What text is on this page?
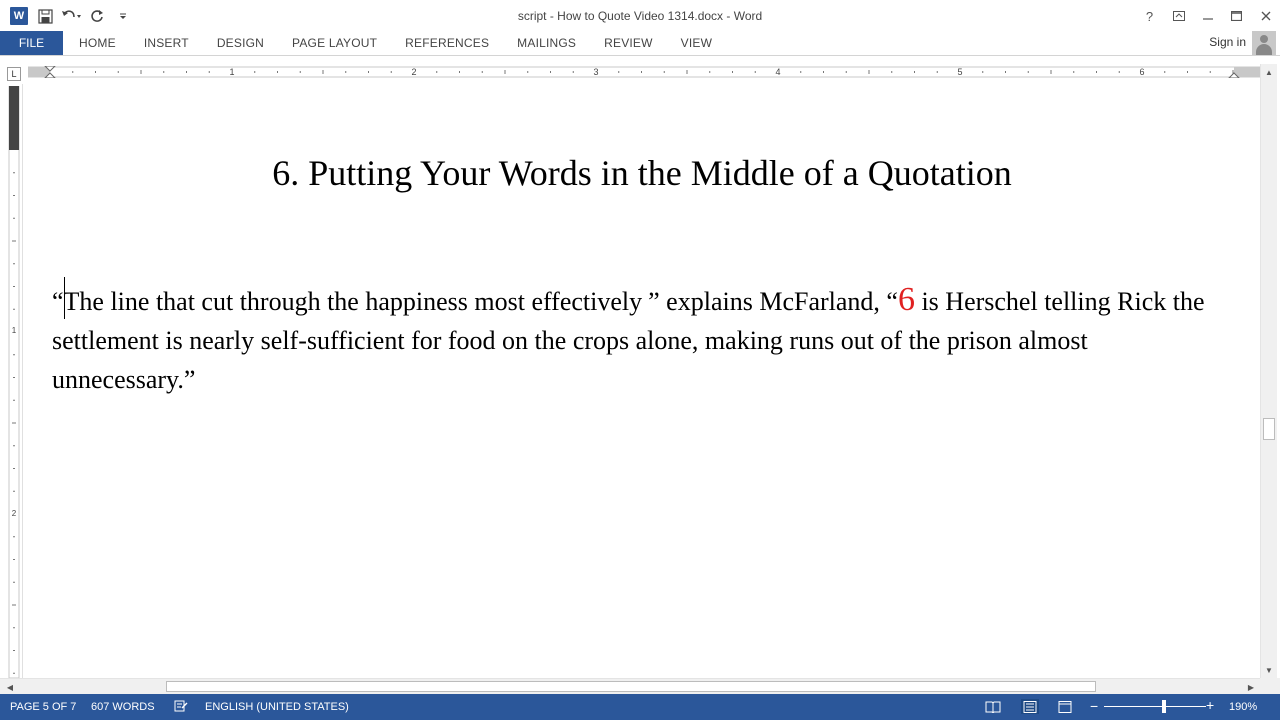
W	script - How to Quote Video 1314.docx - Word	?
FILE	HOME	INSERT	DESIGN	PAGE LAYOUT	REFERENCES	MAILINGS	REVIEW	VIEW	Sign in
L	1	2	3	4	5	6
1
2
6. Putting Your Words in the Middle of a Quotation
“The line that cut through the happiness most effectively ” explains McFarland, “6 is Herschel telling Rick the settlement is nearly self-sufficient for food on the crops alone, making runs out of the prison almost unnecessary.”
▲
▼
◀	▶
PAGE 5 OF 7 607 WORDS	ENGLISH (UNITED STATES)	−	+ 190%
